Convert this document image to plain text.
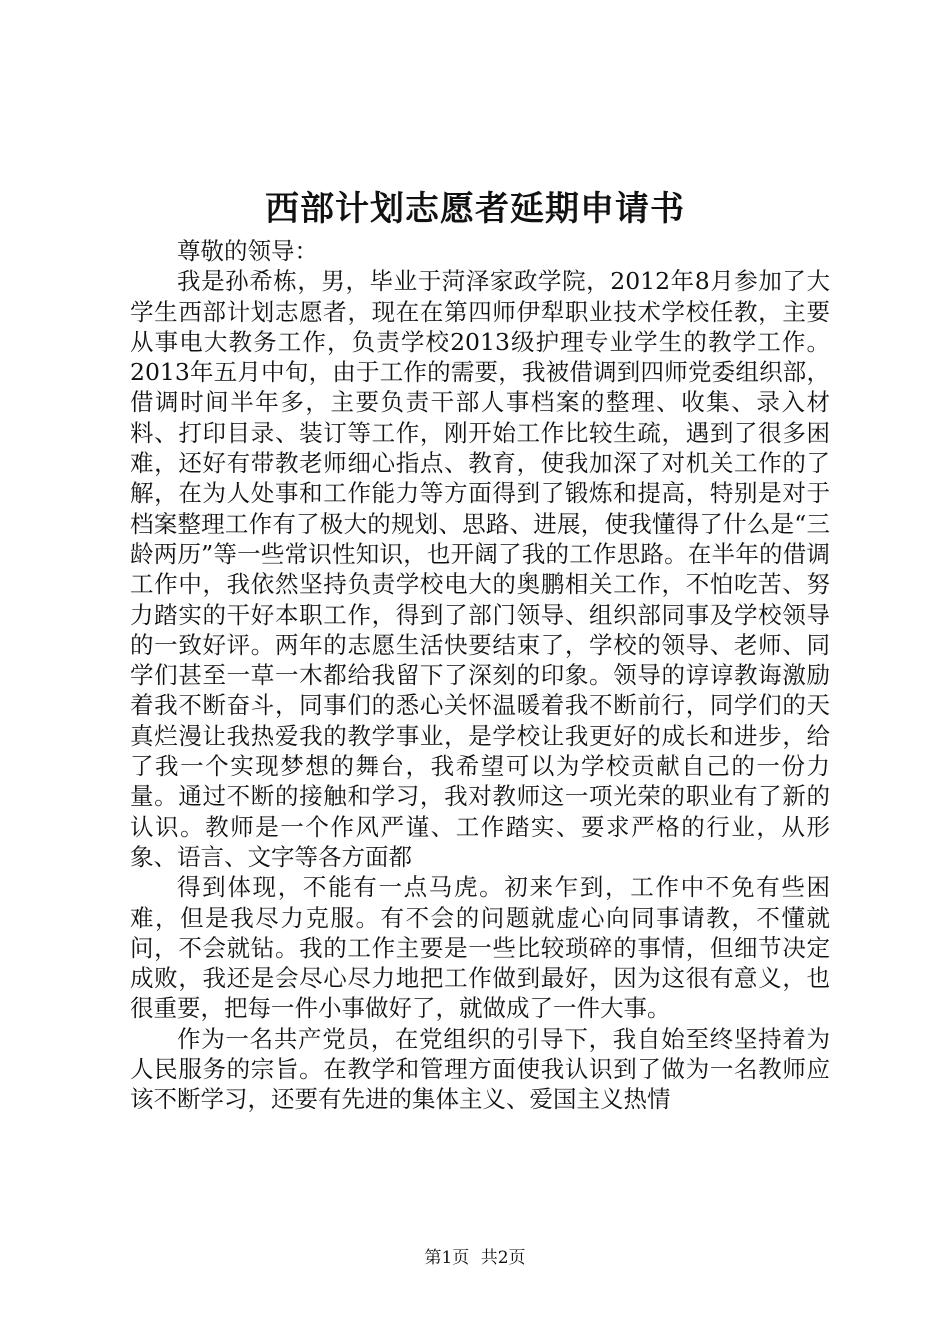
西部计划志愿者延期申请书

尊敬的领导：

我是孙希栋，男，毕业于菏泽家政学院，2012年8月参加了大学生西部计划志愿者，现在在第四师伊犁职业技术学校任教，主要从事电大教务工作，负责学校2013级护理专业学生的教学工作。2013年五月中旬，由于工作的需要，我被借调到四师党委组织部，借调时间半年多，主要负责干部人事档案的整理、收集、录入材料、打印目录、装订等工作，刚开始工作比较生疏，遇到了很多困难，还好有带教老师细心指点、教育，使我加深了对机关工作的了解，在为人处事和工作能力等方面得到了锻炼和提高，特别是对于档案整理工作有了极大的规划、思路、进展，使我懂得了什么是“三龄两历”等一些常识性知识，也开阔了我的工作思路。在半年的借调工作中，我依然坚持负责学校电大的奥鹏相关工作，不怕吃苦、努力踏实的干好本职工作，得到了部门领导、组织部同事及学校领导的一致好评。两年的志愿生活快要结束了，学校的领导、老师、同学们甚至一草一木都给我留下了深刻的印象。领导的谆谆教诲激励着我不断奋斗，同事们的悉心关怀温暖着我不断前行，同学们的天真烂漫让我热爱我的教学事业，是学校让我更好的成长和进步，给了我一个实现梦想的舞台，我希望可以为学校贡献自己的一份力量。通过不断的接触和学习，我对教师这一项光荣的职业有了新的认识。教师是一个作风严谨、工作踏实、要求严格的行业，从形象、语言、文字等各方面都

得到体现，不能有一点马虎。初来乍到，工作中不免有些困难，但是我尽力克服。有不会的问题就虚心向同事请教，不懂就问，不会就钻。我的工作主要是一些比较琐碎的事情，但细节决定成败，我还是会尽心尽力地把工作做到最好，因为这很有意义，也很重要，把每一件小事做好了，就做成了一件大事。

作为一名共产党员，在党组织的引导下，我自始至终坚持着为人民服务的宗旨。在教学和管理方面使我认识到了做为一名教师应该不断学习，还要有先进的集体主义、爱国主义热情

第1页 共2页
